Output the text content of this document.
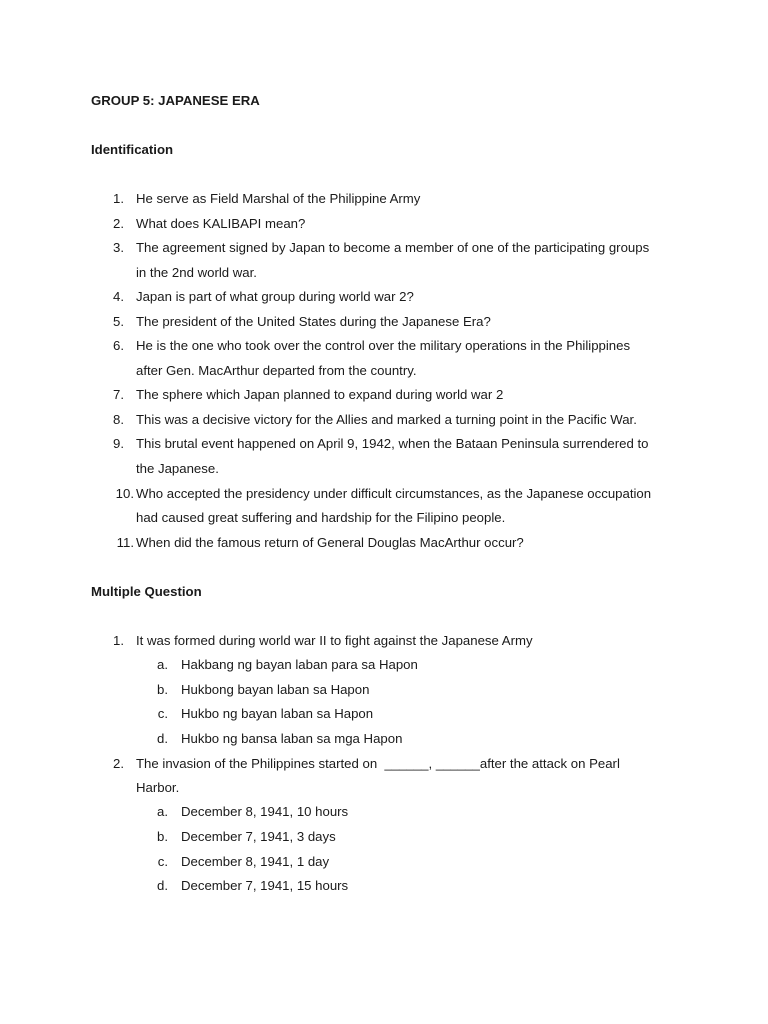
GROUP 5: JAPANESE ERA
Identification
1. He serve as Field Marshal of the Philippine Army
2. What does KALIBAPI mean?
3. The agreement signed by Japan to become a member of one of the participating groups
in the 2nd world war.
4. Japan is part of what group during world war 2?
5. The president of the United States during the Japanese Era?
6. He is the one who took over the control over the military operations in the Philippines
after Gen. MacArthur departed from the country.
7. The sphere which Japan planned to expand during world war 2
8. This was a decisive victory for the Allies and marked a turning point in the Pacific War.
9. This brutal event happened on April 9, 1942, when the Bataan Peninsula surrendered to
the Japanese.
10. Who accepted the presidency under difficult circumstances, as the Japanese occupation
had caused great suffering and hardship for the Filipino people.
11. When did the famous return of General Douglas MacArthur occur?
Multiple Question
1. It was formed during world war II to fight against the Japanese Army
a. Hakbang ng bayan laban para sa Hapon
b. Hukbong bayan laban sa Hapon
c. Hukbo ng bayan laban sa Hapon
d. Hukbo ng bansa laban sa mga Hapon
2. The invasion of the Philippines started on  ______, ______after the attack on Pearl
Harbor.
a. December 8, 1941, 10 hours
b. December 7, 1941, 3 days
c. December 8, 1941, 1 day
d. December 7, 1941, 15 hours
